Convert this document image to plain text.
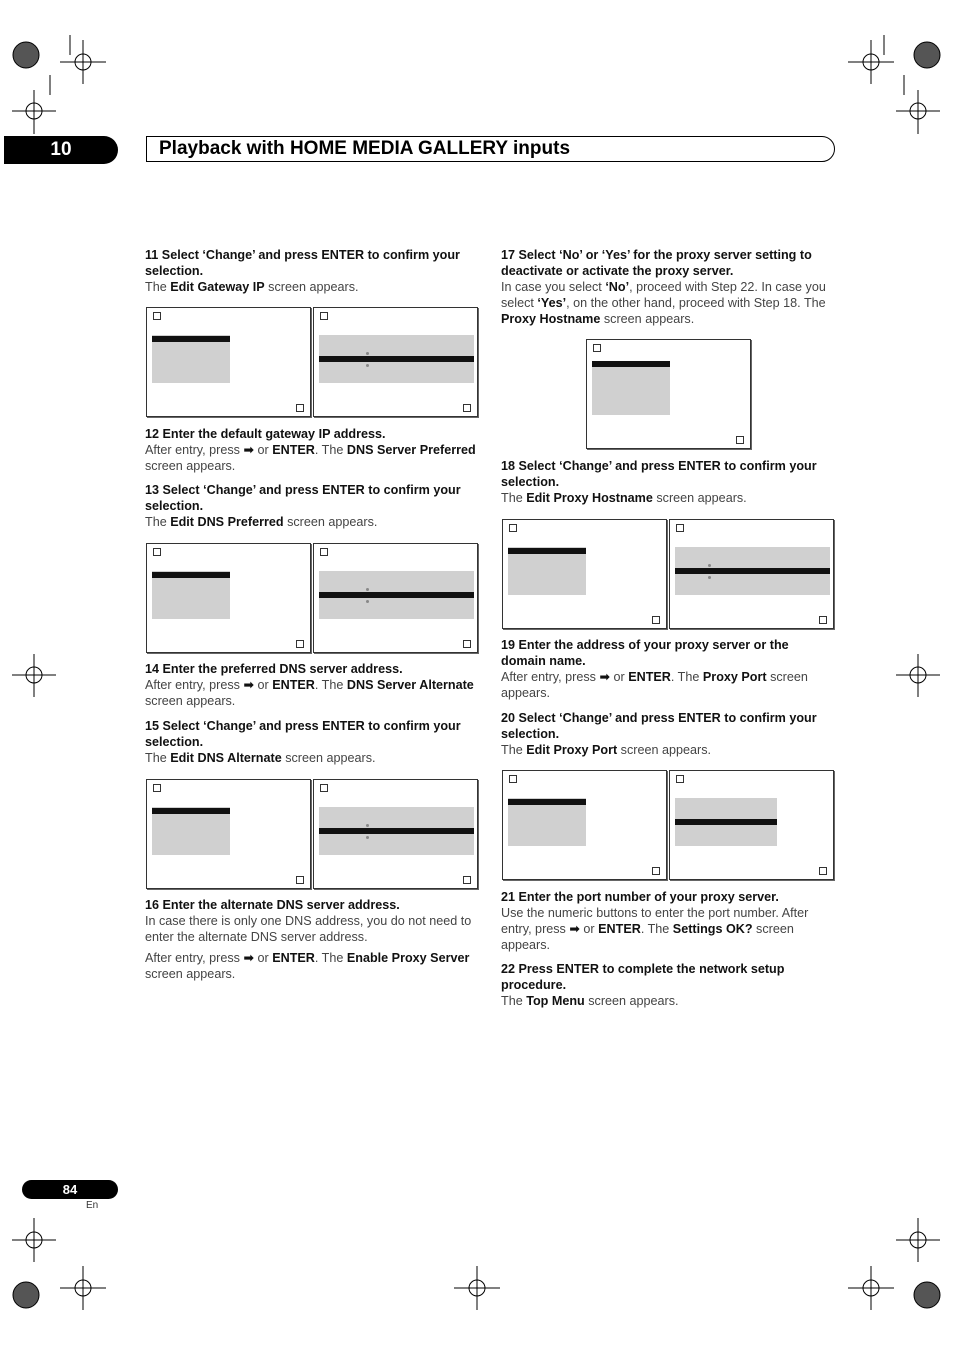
10	Playback with HOME MEDIA GALLERY inputs
11 Select ‘Change’ and press ENTER to confirm your selection.
The Edit Gateway IP screen appears.
12 Enter the default gateway IP address.
After entry, press ➡ or ENTER. The DNS Server Preferred screen appears.
13 Select ‘Change’ and press ENTER to confirm your selection.
The Edit DNS Preferred screen appears.
14 Enter the preferred DNS server address.
After entry, press ➡ or ENTER. The DNS Server Alternate screen appears.
15 Select ‘Change’ and press ENTER to confirm your selection.
The Edit DNS Alternate screen appears.
16 Enter the alternate DNS server address.
In case there is only one DNS address, you do not need to enter the alternate DNS server address.
After entry, press ➡ or ENTER. The Enable Proxy Server screen appears.
17 Select ‘No’ or ‘Yes’ for the proxy server setting to deactivate or activate the proxy server.
In case you select ‘No’, proceed with Step 22. In case you select ‘Yes’, on the other hand, proceed with Step 18. The Proxy Hostname screen appears.
18 Select ‘Change’ and press ENTER to confirm your selection.
The Edit Proxy Hostname screen appears.
19 Enter the address of your proxy server or the domain name.
After entry, press ➡ or ENTER. The Proxy Port screen appears.
20 Select ‘Change’ and press ENTER to confirm your selection.
The Edit Proxy Port screen appears.
21 Enter the port number of your proxy server.
Use the numeric buttons to enter the port number. After entry, press ➡ or ENTER. The Settings OK? screen appears.
22 Press ENTER to complete the network setup procedure.
The Top Menu screen appears.
84
En
